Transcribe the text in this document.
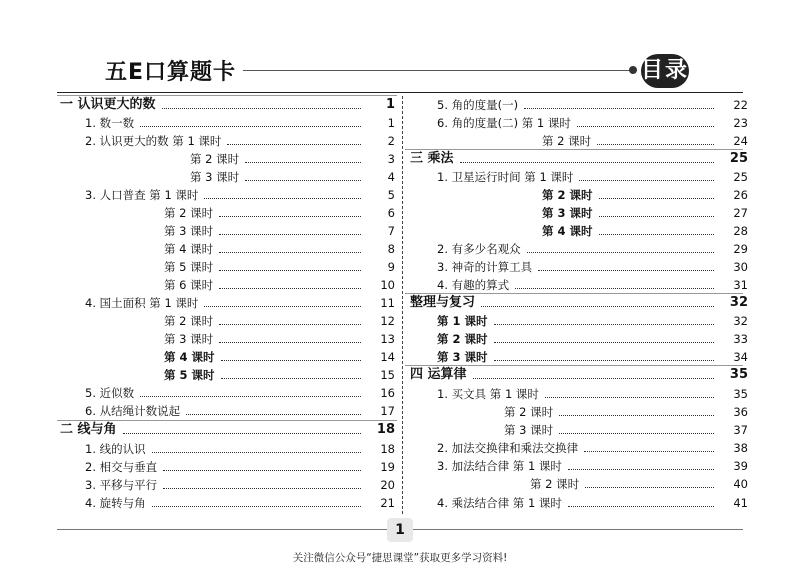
五E口算题卡	目录
一 认识更大的数	1
1. 数一数	1
2. 认识更大的数 第 1 课时	2
第 2 课时	3
第 3 课时	4
3. 人口普查 第 1 课时	5
第 2 课时	6
第 3 课时	7
第 4 课时	8
第 5 课时	9
第 6 课时	10
4. 国土面积 第 1 课时	11
第 2 课时	12
第 3 课时	13
第 4 课时	14
第 5 课时	15
5. 近似数	16
6. 从结绳计数说起	17
二 线与角	18
1. 线的认识	18
2. 相交与垂直	19
3. 平移与平行	20
4. 旋转与角	21
5. 角的度量(一)	22
6. 角的度量(二) 第 1 课时	23
第 2 课时	24
三 乘法	25
1. 卫星运行时间 第 1 课时	25
第 2 课时	26
第 3 课时	27
第 4 课时	28
2. 有多少名观众	29
3. 神奇的计算工具	30
4. 有趣的算式	31
整理与复习	32
第 1 课时	32
第 2 课时	33
第 3 课时	34
四 运算律	35
1. 买文具 第 1 课时	35
第 2 课时	36
第 3 课时	37
2. 加法交换律和乘法交换律	38
3. 加法结合律 第 1 课时	39
第 2 课时	40
4. 乘法结合律 第 1 课时	41
1
关注微信公众号“捷思课堂”获取更多学习资料!
